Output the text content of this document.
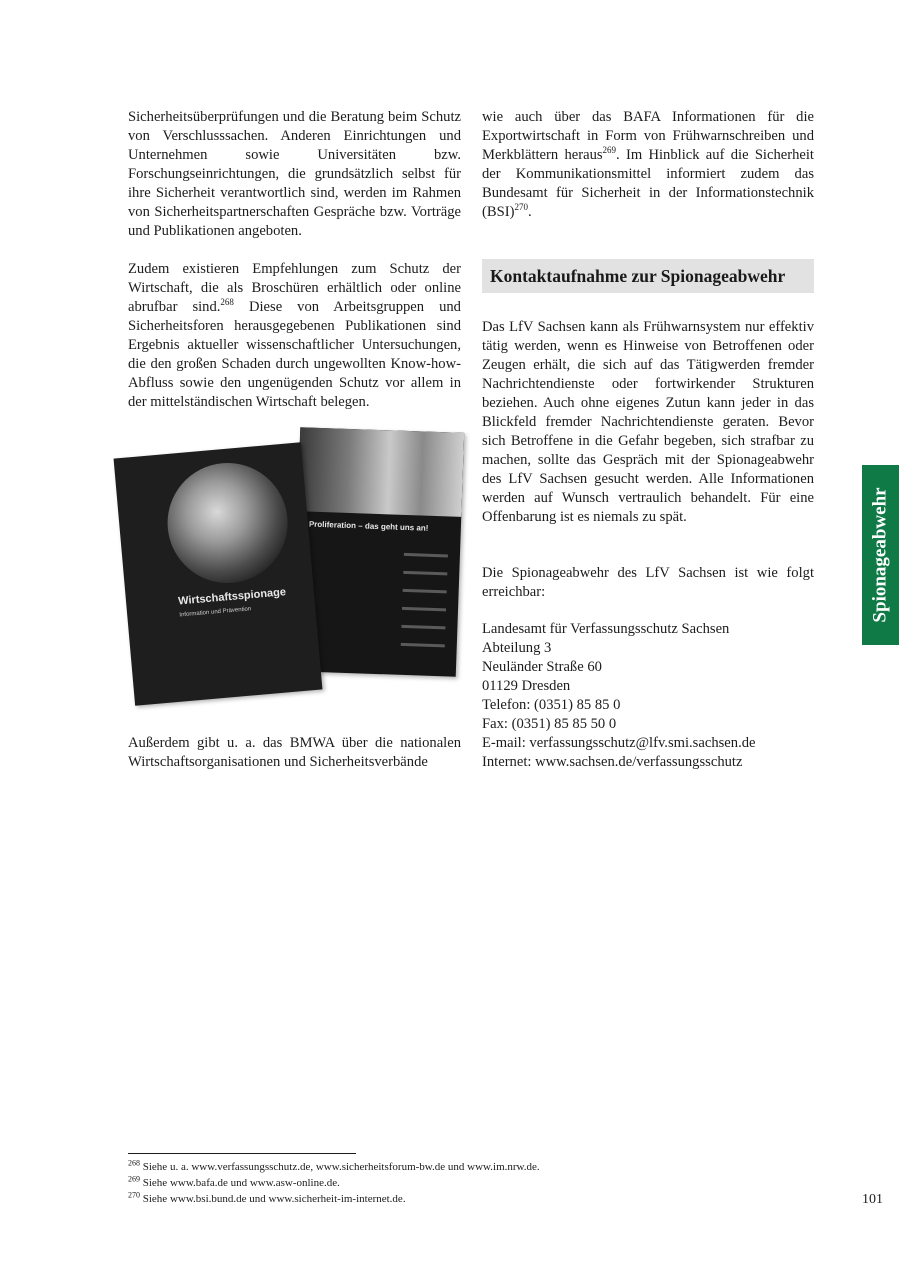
Sicherheitsüberprüfungen und die Beratung beim Schutz von Verschlusssachen. Anderen Einrichtungen und Unternehmen sowie Universitäten bzw. Forschungseinrichtungen, die grundsätzlich selbst für ihre Sicherheit verantwortlich sind, werden im Rahmen von Sicherheitspartnerschaften Gespräche bzw. Vorträge und Publikationen angeboten.

Zudem existieren Empfehlungen zum Schutz der Wirtschaft, die als Broschüren erhältlich oder online abrufbar sind.$^{268}$ Diese von Arbeitsgruppen und Sicherheitsforen herausgegebenen Publikationen sind Ergebnis aktueller wissenschaftlicher Untersuchungen, die den großen Schaden durch ungewollten Know-how-Abfluss sowie den ungenügenden Schutz vor allem in der mittelständischen Wirtschaft belegen.

Proliferation – das geht uns an!
Wirtschaftsspionage
Information und Prävention

Außerdem gibt u. a. das BMWA über die nationalen Wirtschaftsorganisationen und Sicherheitsverbände

wie auch über das BAFA Informationen für die Exportwirtschaft in Form von Frühwarnschreiben und Merkblättern heraus$^{269}$. Im Hinblick auf die Sicherheit der Kommunikationsmittel informiert zudem das Bundesamt für Sicherheit in der Informationstechnik (BSI)$^{270}$.

Kontaktaufnahme zur Spionageabwehr

Das LfV Sachsen kann als Frühwarnsystem nur effektiv tätig werden, wenn es Hinweise von Betroffenen oder Zeugen erhält, die sich auf das Tätigwerden fremder Nachrichtendienste oder fortwirkender Strukturen beziehen. Auch ohne eigenes Zutun kann jeder in das Blickfeld fremder Nachrichtendienste geraten. Bevor sich Betroffene in die Gefahr begeben, sich strafbar zu machen, sollte das Gespräch mit der Spionageabwehr des LfV Sachsen gesucht werden. Alle Informationen werden auf Wunsch vertraulich behandelt. Für eine Offenbarung ist es niemals zu spät.

Die Spionageabwehr des LfV Sachsen ist wie folgt erreichbar:

Landesamt für Verfassungsschutz Sachsen
Abteilung 3
Neuländer Straße 60
01129 Dresden
Telefon: (0351) 85 85 0
Fax: (0351) 85 85 50 0
E-mail: verfassungsschutz@lfv.smi.sachsen.de
Internet: www.sachsen.de/verfassungsschutz
Spionageabwehr
$^{268}$ Siehe u. a. www.verfassungsschutz.de, www.sicherheitsforum-bw.de und www.im.nrw.de.
$^{269}$ Siehe www.bafa.de und www.asw-online.de.
$^{270}$ Siehe www.bsi.bund.de und www.sicherheit-im-internet.de.	101
